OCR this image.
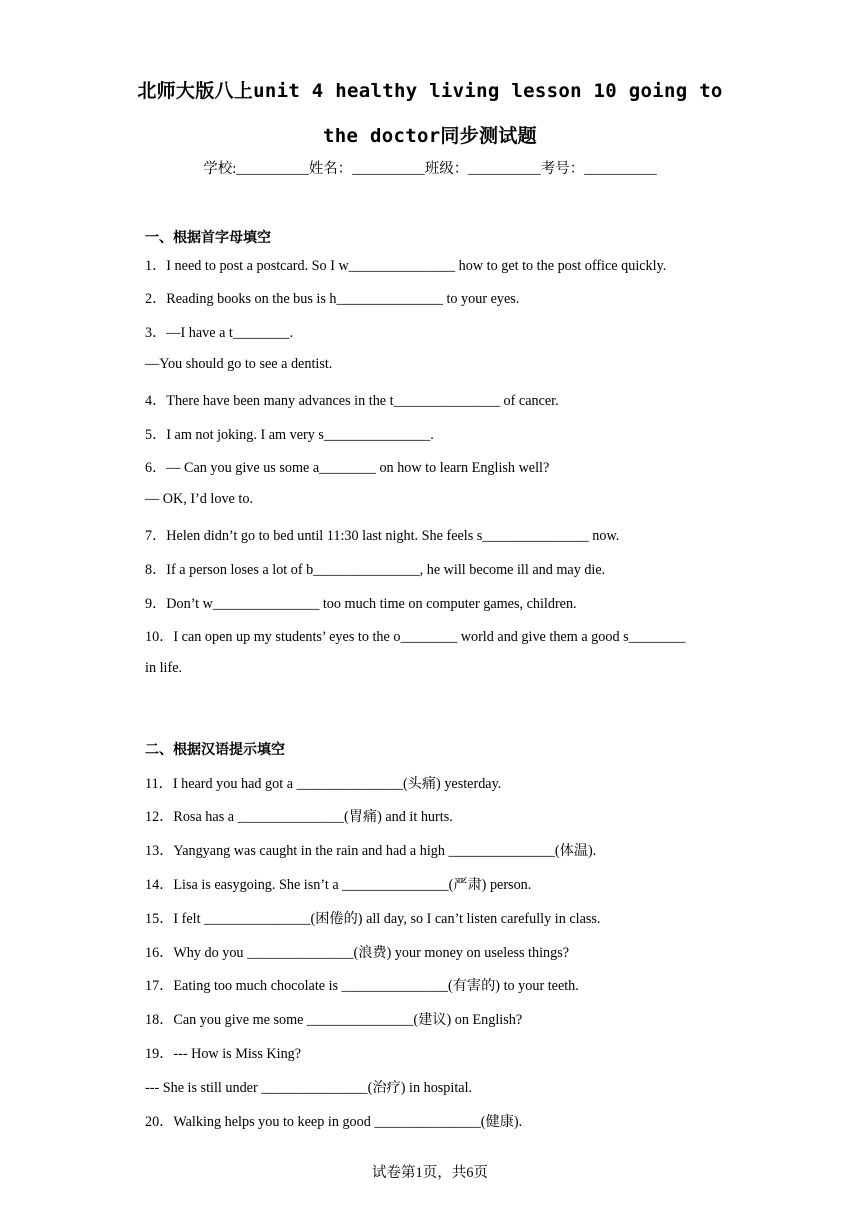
北师大版八上unit 4 healthy living lesson 10 going to
the doctor同步测试题
学校:__________姓名：__________班级：__________考号：__________
一、根据首字母填空
1．I need to post a postcard. So I w_______________ how to get to the post office quickly.
2．Reading books on the bus is h_______________ to your eyes.
3．—I have a t________.
—You should go to see a dentist.
4．There have been many advances in the t_______________ of cancer.
5．I am not joking. I am very s_______________.
6．— Can you give us some a________ on how to learn English well?
— OK, I’d love to.
7．Helen didn’t go to bed until 11:30 last night. She feels s_______________ now.
8．If a person loses a lot of b_______________, he will become ill and may die.
9．Don’t w_______________ too much time on computer games, children.
10．I can open up my students’ eyes to the o________ world and give them a good s________
in life.
二、根据汉语提示填空
11．I heard you had got a _______________(头痛) yesterday.
12．Rosa has a _______________(胃痛) and it hurts.
13．Yangyang was caught in the rain and had a high _______________(体温).
14．Lisa is easygoing. She isn’t a _______________(严肃) person.
15．I felt _______________(困倦的) all day, so I can’t listen carefully in class.
16．Why do you _______________(浪费) your money on useless things?
17．Eating too much chocolate is _______________(有害的) to your teeth.
18．Can you give me some _______________(建议) on English?
19．--- How is Miss King?
--- She is still under _______________(治疗) in hospital.
20．Walking helps you to keep in good _______________(健康).
试卷第1页，共6页
